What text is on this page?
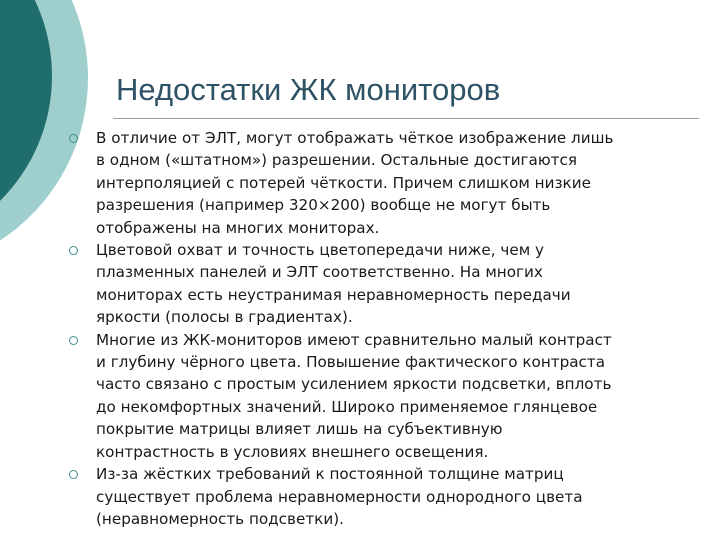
Недостатки ЖК мониторов
В отличие от ЭЛТ, могут отображать чёткое изображение лишь
в одном («штатном») разрешении. Остальные достигаются
интерполяцией с потерей чёткости. Причем слишком низкие
разрешения (например 320×200) вообще не могут быть
отображены на многих мониторах.
Цветовой охват и точность цветопередачи ниже, чем у
плазменных панелей и ЭЛТ соответственно. На многих
мониторах есть неустранимая неравномерность передачи
яркости (полосы в градиентах).
Многие из ЖК-мониторов имеют сравнительно малый контраст
и глубину чёрного цвета. Повышение фактического контраста
часто связано с простым усилением яркости подсветки, вплоть
до некомфортных значений. Широко применяемое глянцевое
покрытие матрицы влияет лишь на субъективную
контрастность в условиях внешнего освещения.
Из-за жёстких требований к постоянной толщине матриц
существует проблема неравномерности однородного цвета
(неравномерность подсветки).
